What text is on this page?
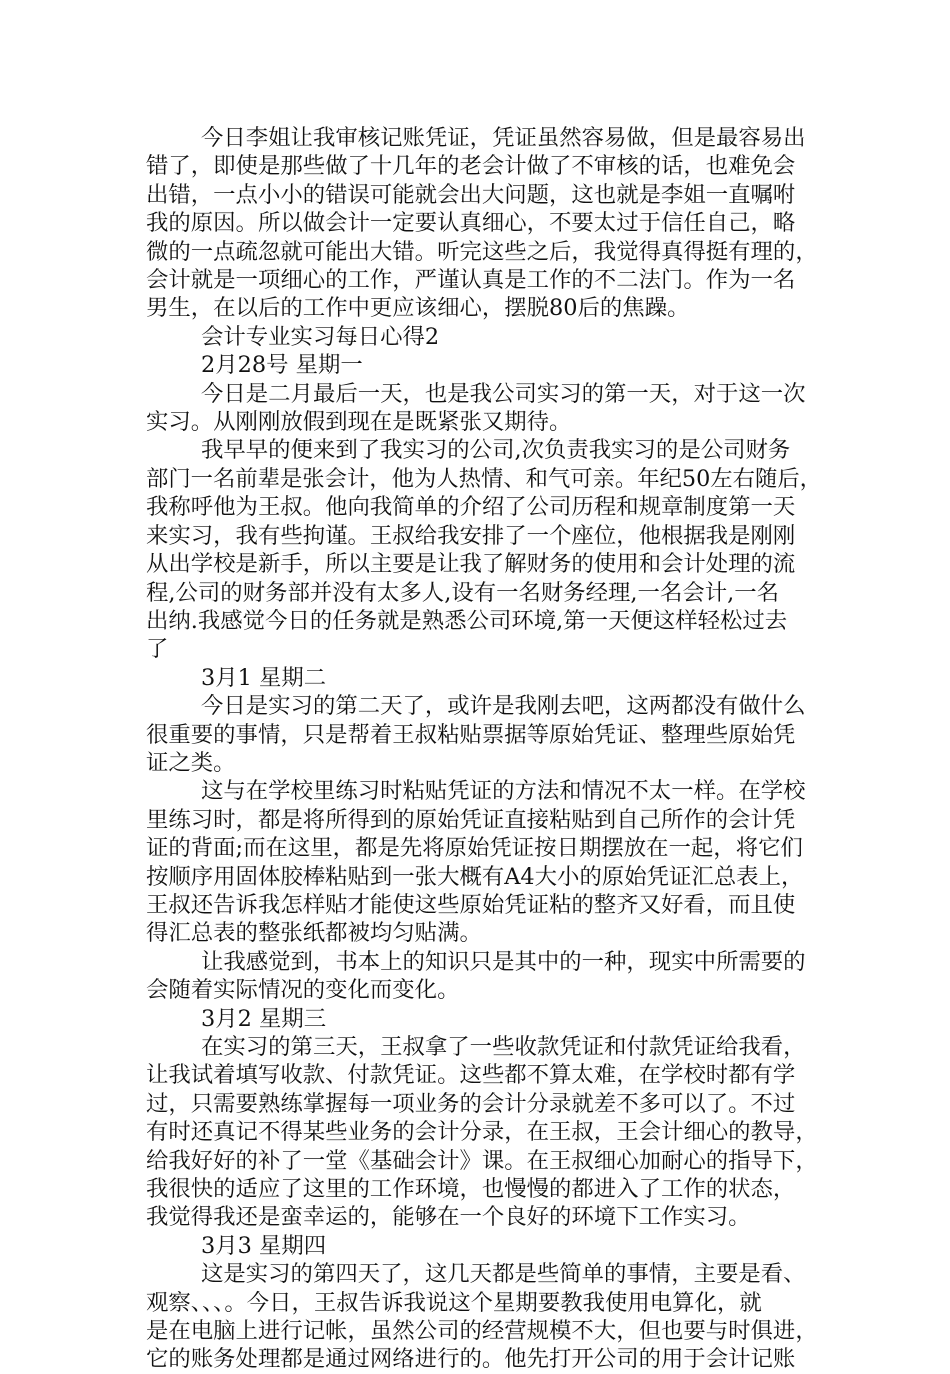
今日李姐让我审核记账凭证，凭证虽然容易做，但是最容易出
错了，即使是那些做了十几年的老会计做了不审核的话，也难免会
出错，一点小小的错误可能就会出大问题，这也就是李姐一直嘱咐
我的原因。所以做会计一定要认真细心，不要太过于信任自己，略
微的一点疏忽就可能出大错。听完这些之后，我觉得真得挺有理的，
会计就是一项细心的工作，严谨认真是工作的不二法门。作为一名
男生，在以后的工作中更应该细心，摆脱80后的焦躁。
会计专业实习每日心得2
2月28号 星期一
今日是二月最后一天，也是我公司实习的第一天，对于这一次
实习。从刚刚放假到现在是既紧张又期待。
我早早的便来到了我实习的公司,次负责我实习的是公司财务
部门一名前辈是张会计，他为人热情、和气可亲。年纪50左右随后，
我称呼他为王叔。他向我简单的介绍了公司历程和规章制度第一天
来实习，我有些拘谨。王叔给我安排了一个座位，他根据我是刚刚
从出学校是新手，所以主要是让我了解财务的使用和会计处理的流
程,公司的财务部并没有太多人,设有一名财务经理,一名会计,一名
出纳.我感觉今日的任务就是熟悉公司环境,第一天便这样轻松过去
了
3月1 星期二
今日是实习的第二天了，或许是我刚去吧，这两都没有做什么
很重要的事情，只是帮着王叔粘贴票据等原始凭证、整理些原始凭
证之类。
这与在学校里练习时粘贴凭证的方法和情况不太一样。在学校
里练习时，都是将所得到的原始凭证直接粘贴到自己所作的会计凭
证的背面;而在这里，都是先将原始凭证按日期摆放在一起，将它们
按顺序用固体胶棒粘贴到一张大概有A4大小的原始凭证汇总表上，
王叔还告诉我怎样贴才能使这些原始凭证粘的整齐又好看，而且使
得汇总表的整张纸都被均匀贴满。
让我感觉到，书本上的知识只是其中的一种，现实中所需要的
会随着实际情况的变化而变化。
3月2 星期三
在实习的第三天，王叔拿了一些收款凭证和付款凭证给我看，
让我试着填写收款、付款凭证。这些都不算太难，在学校时都有学
过，只需要熟练掌握每一项业务的会计分录就差不多可以了。不过
有时还真记不得某些业务的会计分录，在王叔，王会计细心的教导，
给我好好的补了一堂《基础会计》课。在王叔细心加耐心的指导下，
我很快的适应了这里的工作环境，也慢慢的都进入了工作的状态，
我觉得我还是蛮幸运的，能够在一个良好的环境下工作实习。
3月3 星期四
这是实习的第四天了，这几天都是些简单的事情，主要是看、
观察、、、。今日，王叔告诉我说这个星期要教我使用电算化，就
是在电脑上进行记帐，虽然公司的经营规模不大，但也要与时俱进，
它的账务处理都是通过网络进行的。他先打开公司的用于会计记账
